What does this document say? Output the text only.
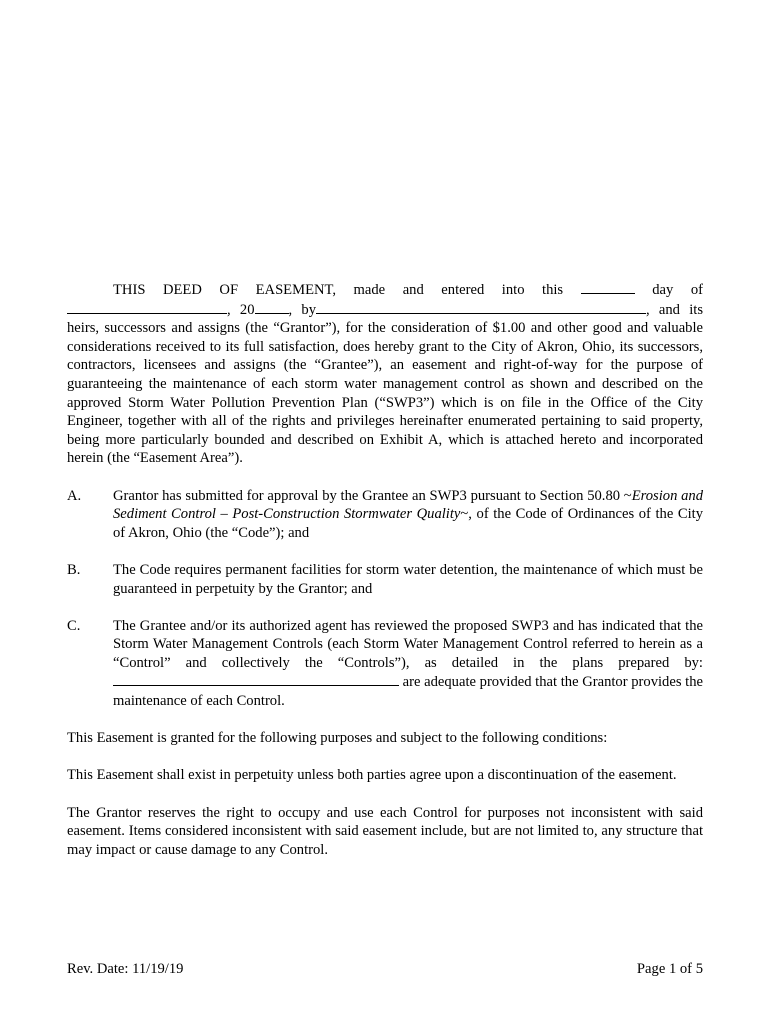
THIS DEED OF EASEMENT, made and entered into this	day of , 20 , by	, and its heirs, successors and assigns (the “Grantor”), for the consideration of $1.00 and other good and valuable considerations received to its full satisfaction, does hereby grant to the City of Akron, Ohio, its successors, contractors, licensees and assigns (the “Grantee”), an easement and right-of-way for the purpose of guaranteeing the maintenance of each storm water management control as shown and described on the approved Storm Water Pollution Prevention Plan (“SWP3”) which is on file in the Office of the City Engineer, together with all of the rights and privileges hereinafter enumerated pertaining to said property, being more particularly bounded and described on Exhibit A, which is attached hereto and incorporated herein (the “Easement Area”).

A.	Grantor has submitted for approval by the Grantee an SWP3 pursuant to Section 50.80 ~Erosion and Sediment Control – Post-Construction Stormwater Quality~, of the Code of Ordinances of the City of Akron, Ohio (the “Code”); and
B.	The Code requires permanent facilities for storm water detention, the maintenance of which must be guaranteed in perpetuity by the Grantor; and
C.	The Grantee and/or its authorized agent has reviewed the proposed SWP3 and has indicated that the Storm Water Management Controls (each Storm Water Management Control referred to herein as a “Control” and collectively the “Controls”), as detailed in the plans prepared by: are adequate provided that the Grantor provides the maintenance of each Control.

This Easement is granted for the following purposes and subject to the following conditions:

This Easement shall exist in perpetuity unless both parties agree upon a discontinuation of the easement.

The Grantor reserves the right to occupy and use each Control for purposes not inconsistent with said easement. Items considered inconsistent with said easement include, but are not limited to, any structure that may impact or cause damage to any Control.

Rev. Date: 11/19/19	Page 1 of 5
